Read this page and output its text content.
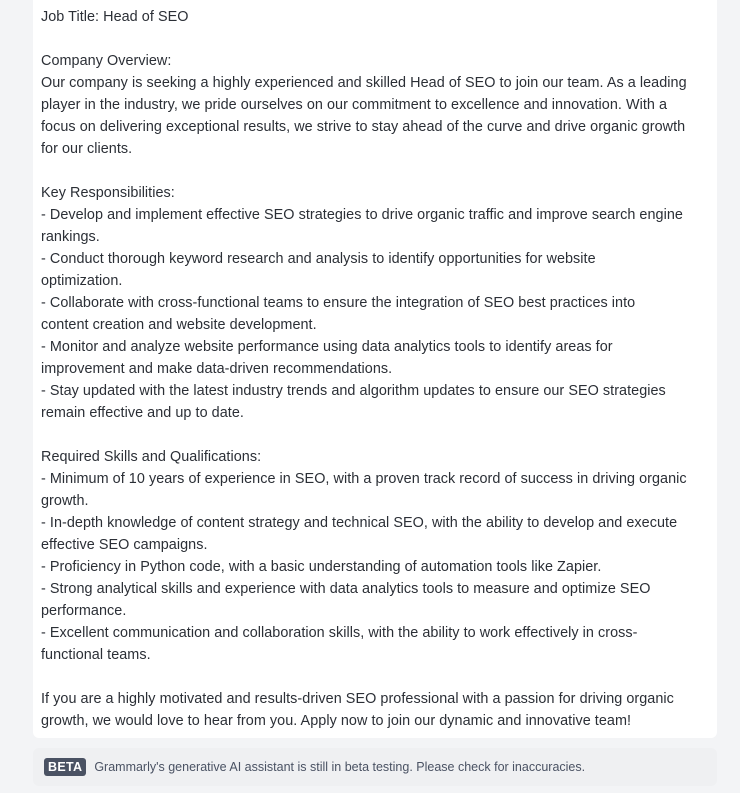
Job Title: Head of SEO
Company Overview:
Our company is seeking a highly experienced and skilled Head of SEO to join our team. As a leading
player in the industry, we pride ourselves on our commitment to excellence and innovation. With a
focus on delivering exceptional results, we strive to stay ahead of the curve and drive organic growth
for our clients.
Key Responsibilities:
- Develop and implement effective SEO strategies to drive organic traffic and improve search engine
rankings.
- Conduct thorough keyword research and analysis to identify opportunities for website
optimization.
- Collaborate with cross-functional teams to ensure the integration of SEO best practices into
content creation and website development.
- Monitor and analyze website performance using data analytics tools to identify areas for
improvement and make data-driven recommendations.
- Stay updated with the latest industry trends and algorithm updates to ensure our SEO strategies
remain effective and up to date.
Required Skills and Qualifications:
- Minimum of 10 years of experience in SEO, with a proven track record of success in driving organic
growth.
- In-depth knowledge of content strategy and technical SEO, with the ability to develop and execute
effective SEO campaigns.
- Proficiency in Python code, with a basic understanding of automation tools like Zapier.
- Strong analytical skills and experience with data analytics tools to measure and optimize SEO
performance.
- Excellent communication and collaboration skills, with the ability to work effectively in cross-
functional teams.
If you are a highly motivated and results-driven SEO professional with a passion for driving organic
growth, we would love to hear from you. Apply now to join our dynamic and innovative team!
BETA Grammarly's generative AI assistant is still in beta testing. Please check for inaccuracies.
